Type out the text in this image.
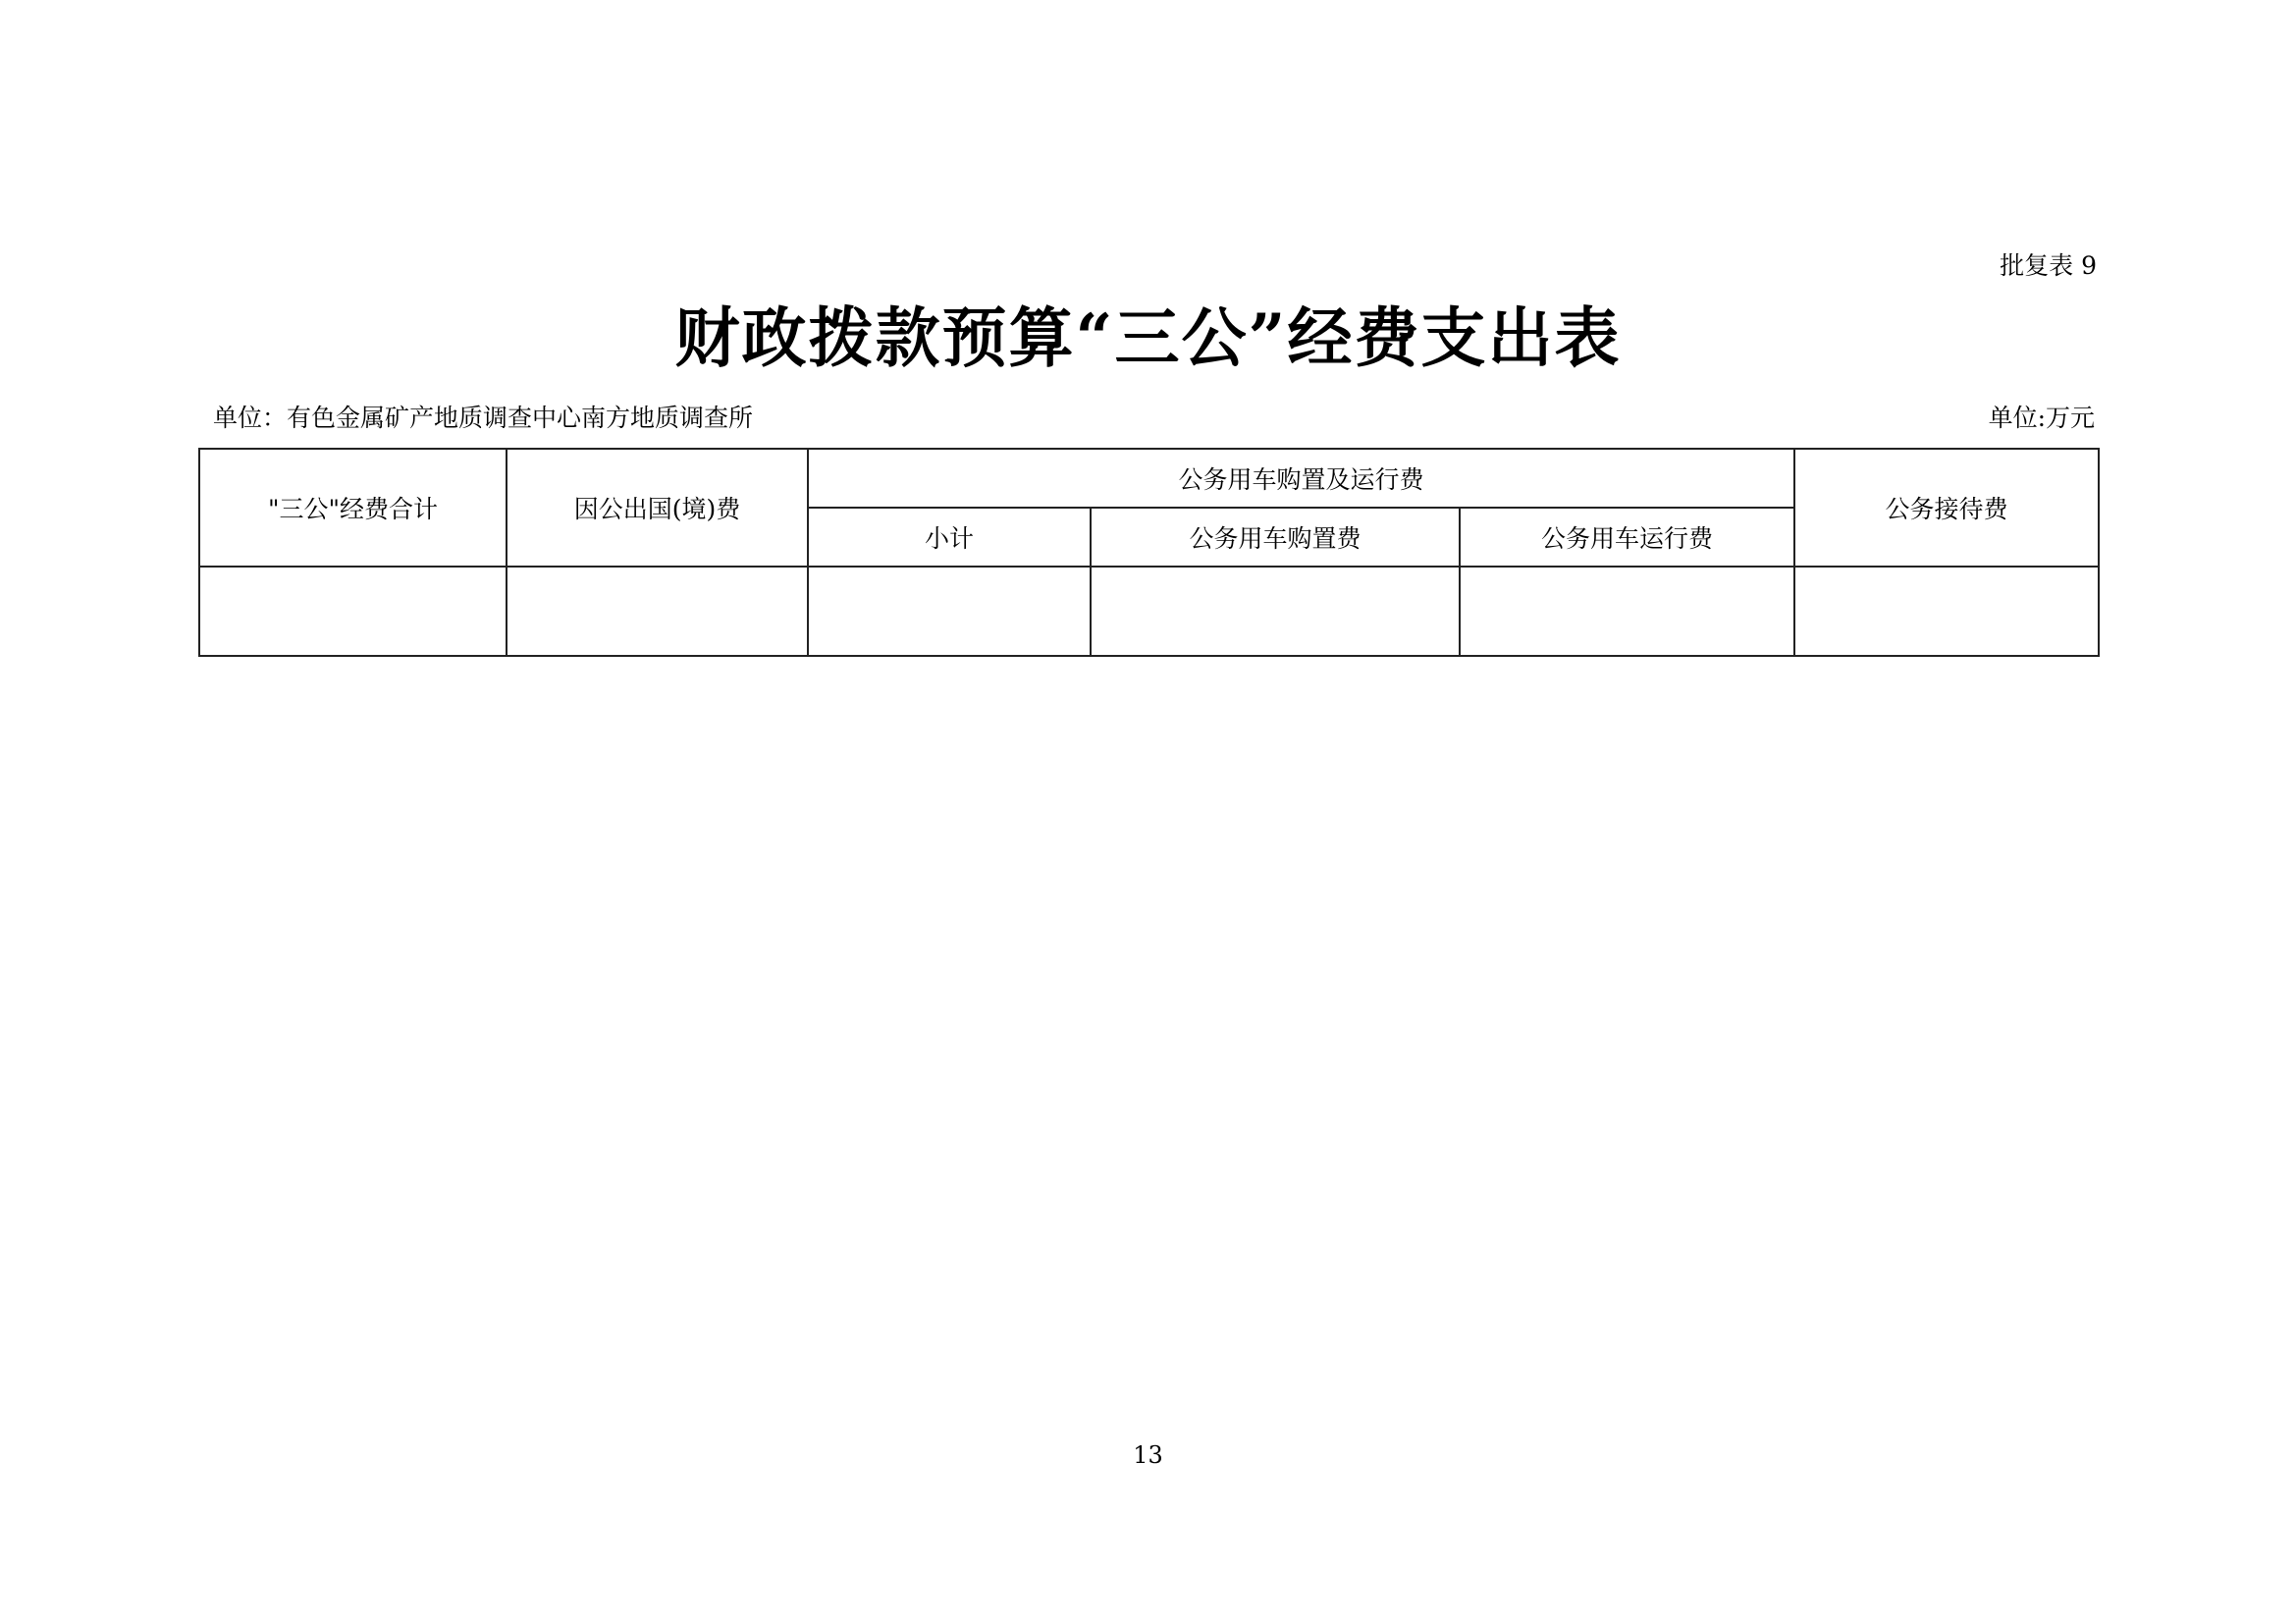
批复表 9
财政拨款预算“三公”经费支出表
单位：有色金属矿产地质调查中心南方地质调查所	单位:万元
"三公"经费合计	因公出国(境)费	公务用车购置及运行费			公务接待费
		小计	公务用车购置费	公务用车运行费	

13
